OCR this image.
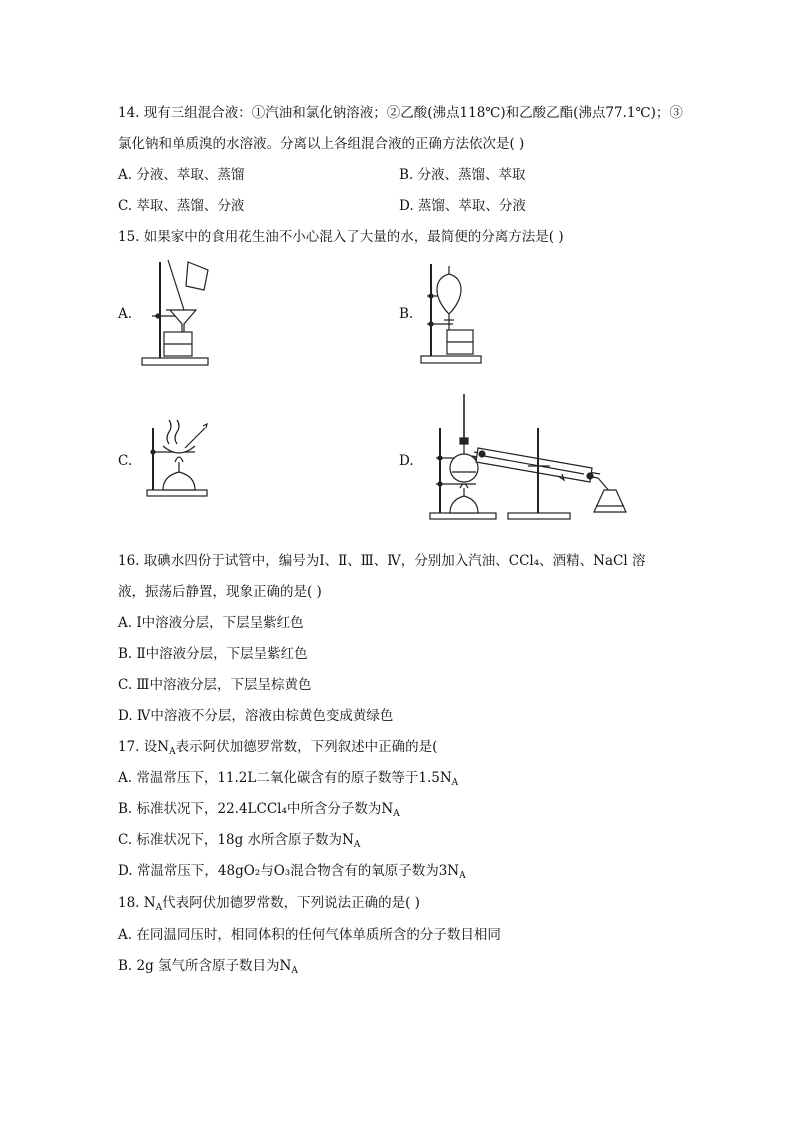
14. 现有三组混合液：①汽油和氯化钠溶液；②乙酸(沸点118℃)和乙酸乙酯(沸点77.1℃)；③
氯化钠和单质溴的水溶液。分离以上各组混合液的正确方法依次是( )
A. 分液、萃取、蒸馏	B. 分液、蒸馏、萃取
C. 萃取、蒸馏、分液	D. 蒸馏、萃取、分液
15. 如果家中的食用花生油不小心混入了大量的水，最简便的分离方法是( )
A.	B.
C.	D.
16. 取碘水四份于试管中，编号为Ⅰ、Ⅱ、Ⅲ、Ⅳ，分别加入汽油、CCl₄、酒精、NaCl 溶
液，振荡后静置，现象正确的是( )
A. Ⅰ中溶液分层，下层呈紫红色
B. Ⅱ中溶液分层，下层呈紫红色
C. Ⅲ中溶液分层，下层呈棕黄色
D. Ⅳ中溶液不分层，溶液由棕黄色变成黄绿色
17. 设$N_A$表示阿伏加德罗常数，下列叙述中正确的是(
A. 常温常压下，11.2L二氧化碳含有的原子数等于$1.5N_A$
B. 标准状况下，22.4LCCl₄中所含分子数为$N_A$
C. 标准状况下，18g 水所含原子数为$N_A$
D. 常温常压下，48gO₂与O₃混合物含有的氧原子数为$3N_A$
18. $N_A$代表阿伏加德罗常数，下列说法正确的是( )
A. 在同温同压时，相同体积的任何气体单质所含的分子数目相同
B. 2g 氢气所含原子数目为$N_A$
